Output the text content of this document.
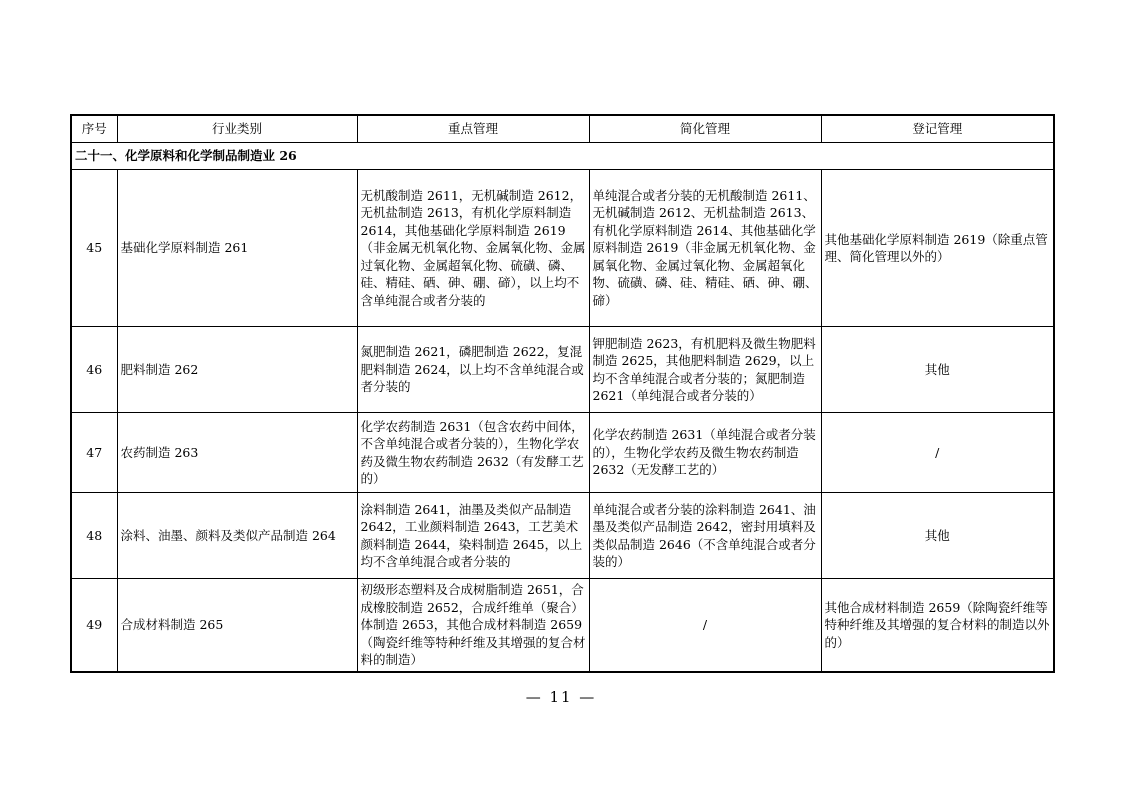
序号	行业类别	重点管理	简化管理	登记管理
二十一、化学原料和化学制品制造业 26				
45	基础化学原料制造 261	无机酸制造 2611，无机碱制造 2612，无机盐制造 2613，有机化学原料制造 2614，其他基础化学原料制造 2619（非金属无机氧化物、金属氧化物、金属过氧化物、金属超氧化物、硫磺、磷、硅、精硅、硒、砷、硼、碲），以上均不含单纯混合或者分装的	单纯混合或者分装的无机酸制造 2611、无机碱制造 2612、无机盐制造 2613、有机化学原料制造 2614、其他基础化学原料制造 2619（非金属无机氧化物、金属氧化物、金属过氧化物、金属超氧化物、硫磺、磷、硅、精硅、硒、砷、硼、碲）	其他基础化学原料制造 2619（除重点管理、简化管理以外的）
46	肥料制造 262	氮肥制造 2621，磷肥制造 2622，复混肥料制造 2624，以上均不含单纯混合或者分装的	钾肥制造 2623，有机肥料及微生物肥料制造 2625，其他肥料制造 2629，以上均不含单纯混合或者分装的；氮肥制造 2621（单纯混合或者分装的）	其他
47	农药制造 263	化学农药制造 2631（包含农药中间体，不含单纯混合或者分装的），生物化学农药及微生物农药制造 2632（有发酵工艺的）	化学农药制造 2631（单纯混合或者分装的），生物化学农药及微生物农药制造 2632（无发酵工艺的）	/
48	涂料、油墨、颜料及类似产品制造 264	涂料制造 2641，油墨及类似产品制造 2642，工业颜料制造 2643，工艺美术颜料制造 2644，染料制造 2645，以上均不含单纯混合或者分装的	单纯混合或者分装的涂料制造 2641、油墨及类似产品制造 2642，密封用填料及类似品制造 2646（不含单纯混合或者分装的）	其他
49	合成材料制造 265	初级形态塑料及合成树脂制造 2651，合成橡胶制造 2652，合成纤维单（聚合）体制造 2653，其他合成材料制造 2659（陶瓷纤维等特种纤维及其增强的复合材料的制造）	/	其他合成材料制造 2659（除陶瓷纤维等特种纤维及其增强的复合材料的制造以外的）
— 11 —
